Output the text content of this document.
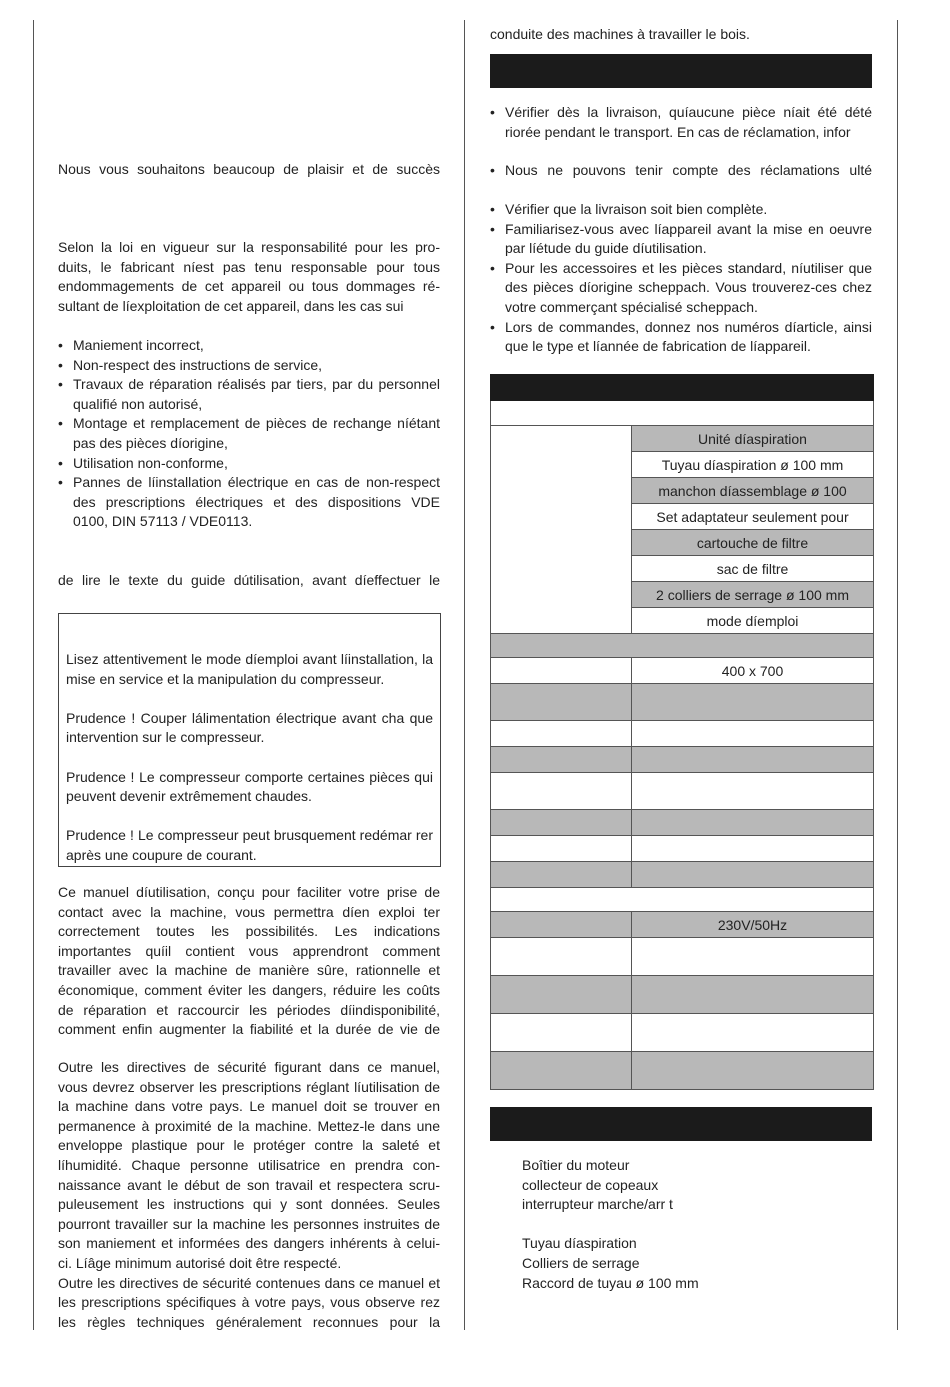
Nous vous souhaitons beaucoup de plaisir et de succès

Selon la loi en vigueur sur la responsabilité pour les pro-duits, le fabricant níest pas tenu responsable pour tous endommagements de cet appareil ou tous dommages ré-sultant de líexploitation de cet appareil, dans les cas sui

• Maniement incorrect,
• Non-respect des instructions de service,
• Travaux de réparation réalisés par tiers, par du personnel qualifié non autorisé,
• Montage et remplacement de pièces de rechange níétant pas des pièces díorigine,
• Utilisation non-conforme,
• Pannes de líinstallation électrique en cas de non-respect des prescriptions électriques et des dispositions VDE 0100, DIN 57113 / VDE0113.

de lire le texte du guide dútilisation, avant díeffectuer le

Lisez attentivement le mode díemploi avant líinstallation, la mise en service et la manipulation du compresseur.

Prudence ! Couper lálimentation électrique avant cha que intervention sur le compresseur.

Prudence ! Le compresseur comporte certaines pièces qui peuvent devenir extrêmement chaudes.

Prudence ! Le compresseur peut brusquement redémar rer après une coupure de courant.

Ce manuel díutilisation, conçu pour faciliter votre prise de contact avec la machine, vous permettra díen exploi ter correctement toutes les possibilités. Les indications importantes quíil contient vous apprendront comment travailler avec la machine de manière sûre, rationnelle et économique, comment éviter les dangers, réduire les coûts de réparation et raccourcir les périodes díindisponibilité, comment enfin augmenter la fiabilité et la durée de vie de

Outre les directives de sécurité figurant dans ce manuel, vous devrez observer les prescriptions réglant líutilisation de la machine dans votre pays. Le manuel doit se trouver en permanence à proximité de la machine. Mettez-le dans une enveloppe plastique pour le protéger contre la saleté et líhumidité. Chaque personne utilisatrice en prendra con-naissance avant le début de son travail et respectera scru-puleusement les instructions qui y sont données. Seules pourront travailler sur la machine les personnes instruites de son maniement et informées des dangers inhérents à celui-ci. Líâge minimum autorisé doit être respecté.

Outre les directives de sécurité contenues dans ce manuel et les prescriptions spécifiques à votre pays, vous observe rez les règles techniques généralement reconnues pour la

conduite des machines à travailler le bois.

• Vérifier dès la livraison, quíaucune pièce níait été dété riorée pendant le transport. En cas de réclamation, infor
• Nous ne pouvons tenir compte des réclamations ulté
• Vérifier que la livraison soit bien complète.
• Familiarisez-vous avec líappareil avant la mise en oeuvre par líétude du guide díutilisation.
• Pour les accessoires et les pièces standard, níutiliser que des pièces díorigine scheppach. Vous trouverez-ces chez votre commerçant spécialisé scheppach.
• Lors de commandes, donnez nos numéros díarticle, ainsi que le type et líannée de fabrication de líappareil.

	Unité díaspiration
	Tuyau díaspiration ø 100 mm
	manchon díassemblage ø 100
	Set adaptateur seulement pour
	cartouche de filtre
	sac de filtre
	2 colliers de serrage ø 100 mm
	mode díemploi

	400 x 700

	230V/50Hz

Boîtier du moteur
collecteur de copeaux
interrupteur marche/arr t
Tuyau díaspiration
Colliers de serrage
Raccord de tuyau ø 100 mm
